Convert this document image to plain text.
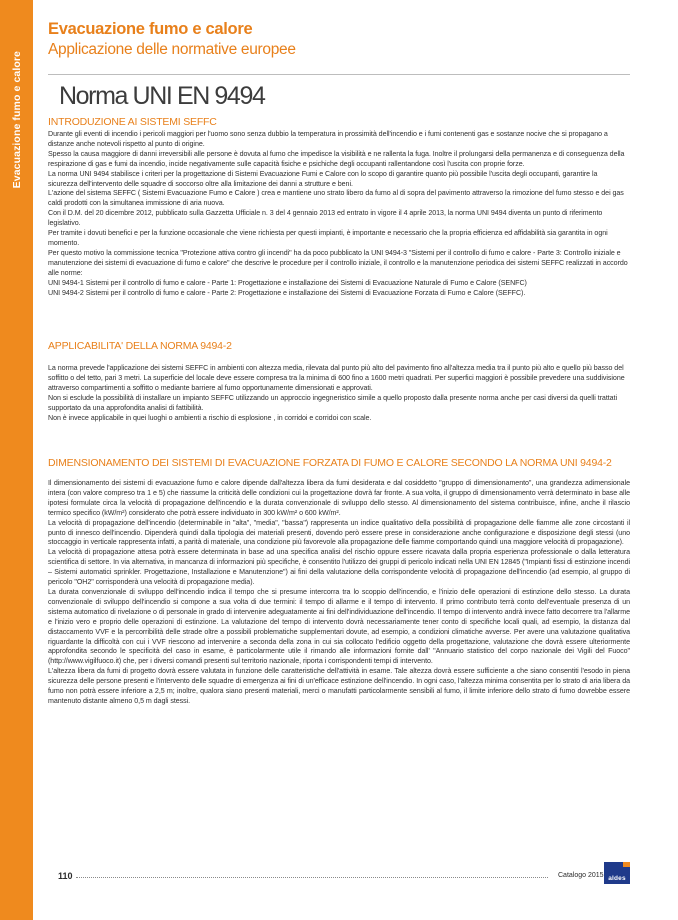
Evacuazione fumo e calore
Evacuazione fumo e calore
Applicazione delle normative europee
Norma UNI EN 9494
INTRODUZIONE AI SISTEMI SEFFC

Durante gli eventi di incendio i pericoli maggiori per l'uomo sono senza dubbio la temperatura in prossimità dell'incendio e i fumi contenenti gas e sostanze nocive che si propagano a distanze anche notevoli rispetto al punto di origine.

Spesso la causa maggiore di danni irreversibili alle persone è dovuta al fumo che impedisce la visibilità e ne rallenta la fuga. Inoltre il prolungarsi della permanenza e di conseguenza della respirazione di gas e fumi da incendio, incide negativamente sulle capacità fisiche e psichiche degli occupanti rallentandone così l'uscita con proprie forze.

La norma UNI 9494 stabilisce i criteri per la progettazione di Sistemi Evacuazione Fumi e Calore con lo scopo di garantire quanto più possibile l'uscita degli occupanti, garantire la sicurezza dell'intervento delle squadre di soccorso oltre alla limitazione dei danni a strutture e beni.

L'azione del sistema SEFFC ( Sistemi Evacuazione Fumo e Calore ) crea e mantiene uno strato libero da fumo al di sopra del pavimento attraverso la rimozione del fumo stesso e dei gas caldi prodotti con la simultanea immissione di aria nuova.

Con il D.M. del 20 dicembre 2012, pubblicato sulla Gazzetta Ufficiale n. 3 del 4 gennaio 2013 ed entrato in vigore il 4 aprile 2013, la norma UNI 9494 diventa un punto di riferimento legislativo.

Per tramite i dovuti benefici e per la funzione occasionale che viene richiesta per questi impianti, è importante e necessario che la propria efficienza ed affidabilità sia garantita in ogni momento.

Per questo motivo la commissione tecnica "Protezione attiva contro gli incendi" ha da poco pubblicato la UNI 9494-3 "Sistemi per il controllo di fumo e calore - Parte 3: Controllo iniziale e manutenzione dei sistemi di evacuazione di fumo e calore" che descrive le procedure per il controllo iniziale, il controllo e la manutenzione periodica dei sistemi SEFFC realizzati in accordo alle norme:

UNI 9494-1 Sistemi per il controllo di fumo e calore - Parte 1: Progettazione e installazione dei Sistemi di Evacuazione Naturale di Fumo e Calore (SENFC)

UNI 9494-2 Sistemi per il controllo di fumo e calore - Parte 2: Progettazione e installazione dei Sistemi di Evacuazione Forzata di Fumo e Calore (SEFFC).

APPLICABILITA' DELLA NORMA 9494-2

La norma prevede l'applicazione dei sistemi SEFFC in ambienti con altezza media, rilevata dal punto più alto del pavimento fino all'altezza media tra il punto più alto e quello più basso del soffitto o del tetto, pari 3 metri. La superficie del locale deve essere compresa tra la minima di 600 fino a 1600 metri quadrati. Per superfici maggiori è possibile prevedere una suddivisione attraverso compartimenti a soffitto o mediante barriere al fumo opportunamente dimensionati e approvati.

Non si esclude la possibilità di installare un impianto SEFFC utilizzando un approccio ingegneristico simile a quello proposto dalla presente norma anche per casi diversi da quelli trattati supportato da una approfondita analisi di fattibilità.

Non è invece applicabile in quei luoghi o ambienti a rischio di esplosione , in corridoi e corridoi con scale.

DIMENSIONAMENTO DEI SISTEMI DI EVACUAZIONE FORZATA DI FUMO E CALORE SECONDO LA NORMA UNI 9494-2

Il dimensionamento dei sistemi di evacuazione fumo e calore dipende dall'altezza libera da fumi desiderata e dal cosiddetto "gruppo di dimensionamento", una grandezza adimensionale intera (con valore compreso tra 1 e 5) che riassume la criticità delle condizioni cui la progettazione dovrà far fronte. A sua volta, il gruppo di dimensionamento verrà determinato in base alle ipotesi formulate circa la velocità di propagazione dell'incendio e la durata convenzionale di sviluppo dello stesso. Al dimensionamento del sistema contribuisce, infine, anche il rilascio termico specifico (kW/m²) considerato che potrà essere individuato in 300 kW/m² o 600 kW/m².

La velocità di propagazione dell'incendio (determinabile in "alta", "media", "bassa") rappresenta un indice qualitativo della possibilità di propagazione delle fiamme alle zone circostanti il punto di innesco dell'incendio. Dipenderà quindi dalla tipologia dei materiali presenti, dovendo però essere prese in considerazione anche configurazione e disposizione degli stessi (uno stoccaggio in verticale rappresenta infatti, a parità di materiale, una condizione più favorevole alla propagazione delle fiamme comportando quindi una maggiore velocità di propagazione).

La velocità di propagazione attesa potrà essere determinata in base ad una specifica analisi del rischio oppure essere ricavata dalla propria esperienza professionale o dalla letteratura scientifica di settore. In via alternativa, in mancanza di informazioni più specifiche, è consentito l'utilizzo dei gruppi di pericolo indicati nella UNI EN 12845 ("Impianti fissi di estinzione incendi – Sistemi automatici sprinkler. Progettazione, Installazione e Manutenzione") ai fini della valutazione della corrispondente velocità di propagazione dell'incendio (ad esempio, al gruppo di pericolo "OH2" corrisponderà una velocità di propagazione media).

La durata convenzionale di sviluppo dell'incendio indica il tempo che si presume intercorra tra lo scoppio dell'incendio, e l'inizio delle operazioni di estinzione dello stesso. La durata convenzionale di sviluppo dell'incendio si compone a sua volta di due termini: il tempo di allarme e il tempo di intervento. Il primo contributo terrà conto dell'eventuale presenza di un sistema automatico di rivelazione o di personale in grado di intervenire adeguatamente ai fini dell'individuazione dell'incendio. Il tempo di intervento andrà invece fatto decorrere tra l'allarme e l'inizio vero e proprio delle operazioni di estinzione. La valutazione del tempo di intervento dovrà necessariamente tener conto di specifiche locali quali, ad esempio, la distanza dal distaccamento VVF e la percorribilità delle strade oltre a possibili problematiche supplementari dovute, ad esempio, a condizioni climatiche avverse. Per avere una valutazione qualitativa riguardante la difficoltà con cui i VVF riescono ad intervenire a seconda della zona in cui sia collocato l'edificio oggetto della progettazione, valutazione che dovrà essere ulteriormente approfondita secondo le specificità del caso in esame, è particolarmente utile il rimando alle informazioni fornite dall' "Annuario statistico del corpo nazionale dei Vigili del Fuoco" (http://www.vigilfuoco.it) che, per i diversi comandi presenti sul territorio nazionale, riporta i corrispondenti tempi di intervento.

L'altezza libera da fumi di progetto dovrà essere valutata in funzione delle caratteristiche dell'attività in esame. Tale altezza dovrà essere sufficiente a che siano consentiti l'esodo in piena sicurezza delle persone presenti e l'intervento delle squadre di emergenza ai fini di un'efficace estinzione dell'incendio. In ogni caso, l'altezza minima consentita per lo strato di aria libera da fumo non potrà essere inferiore a 2,5 m; inoltre, qualora siano presenti materiali, merci o manufatti particolarmente sensibili al fumo, il limite inferiore dello strato di fumo dovrebbe essere mantenuto distante almeno 0,5 m dagli stessi.

110	Catalogo 2015 aldes
